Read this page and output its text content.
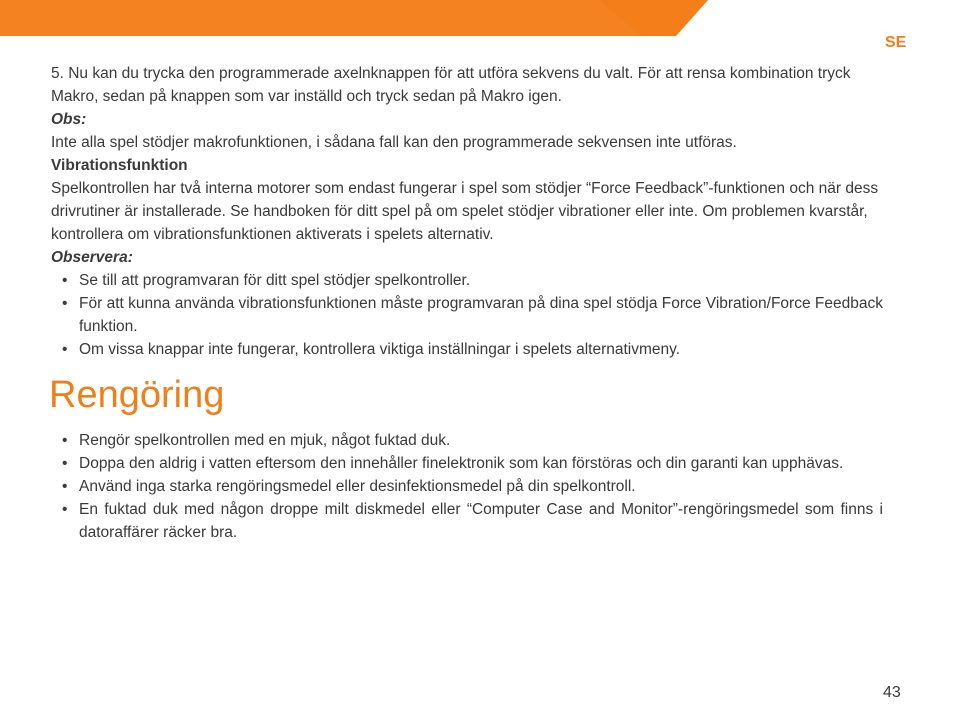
SE

5. Nu kan du trycka den programmerade axelnknappen för att utföra sekvens du valt. För att rensa kombination tryck Makro, sedan på knappen som var inställd och tryck sedan på Makro igen.

Obs:

Inte alla spel stödjer makrofunktionen, i sådana fall kan den programmerade sekvensen inte utföras.

Vibrationsfunktion

Spelkontrollen har två interna motorer som endast fungerar i spel som stödjer “Force Feedback”-funktionen och när dess drivrutiner är installerade. Se handboken för ditt spel på om spelet stödjer vibrationer eller inte. Om problemen kvarstår, kontrollera om vibrationsfunktionen aktiverats i spelets alternativ.

Observera:

• Se till att programvaran för ditt spel stödjer spelkontroller.
• För att kunna använda vibrationsfunktionen måste programvaran på dina spel stödja Force Vibration/Force Feedback funktion.
• Om vissa knappar inte fungerar, kontrollera viktiga inställningar i spelets alternativmeny.
Rengöring
• Rengör spelkontrollen med en mjuk, något fuktad duk.
• Doppa den aldrig i vatten eftersom den innehåller finelektronik som kan förstöras och din garanti kan upphävas.
• Använd inga starka rengöringsmedel eller desinfektionsmedel på din spelkontroll.
• En fuktad duk med någon droppe milt diskmedel eller “Computer Case and Monitor”-rengöringsmedel som finns i datoraffärer räcker bra.
43
